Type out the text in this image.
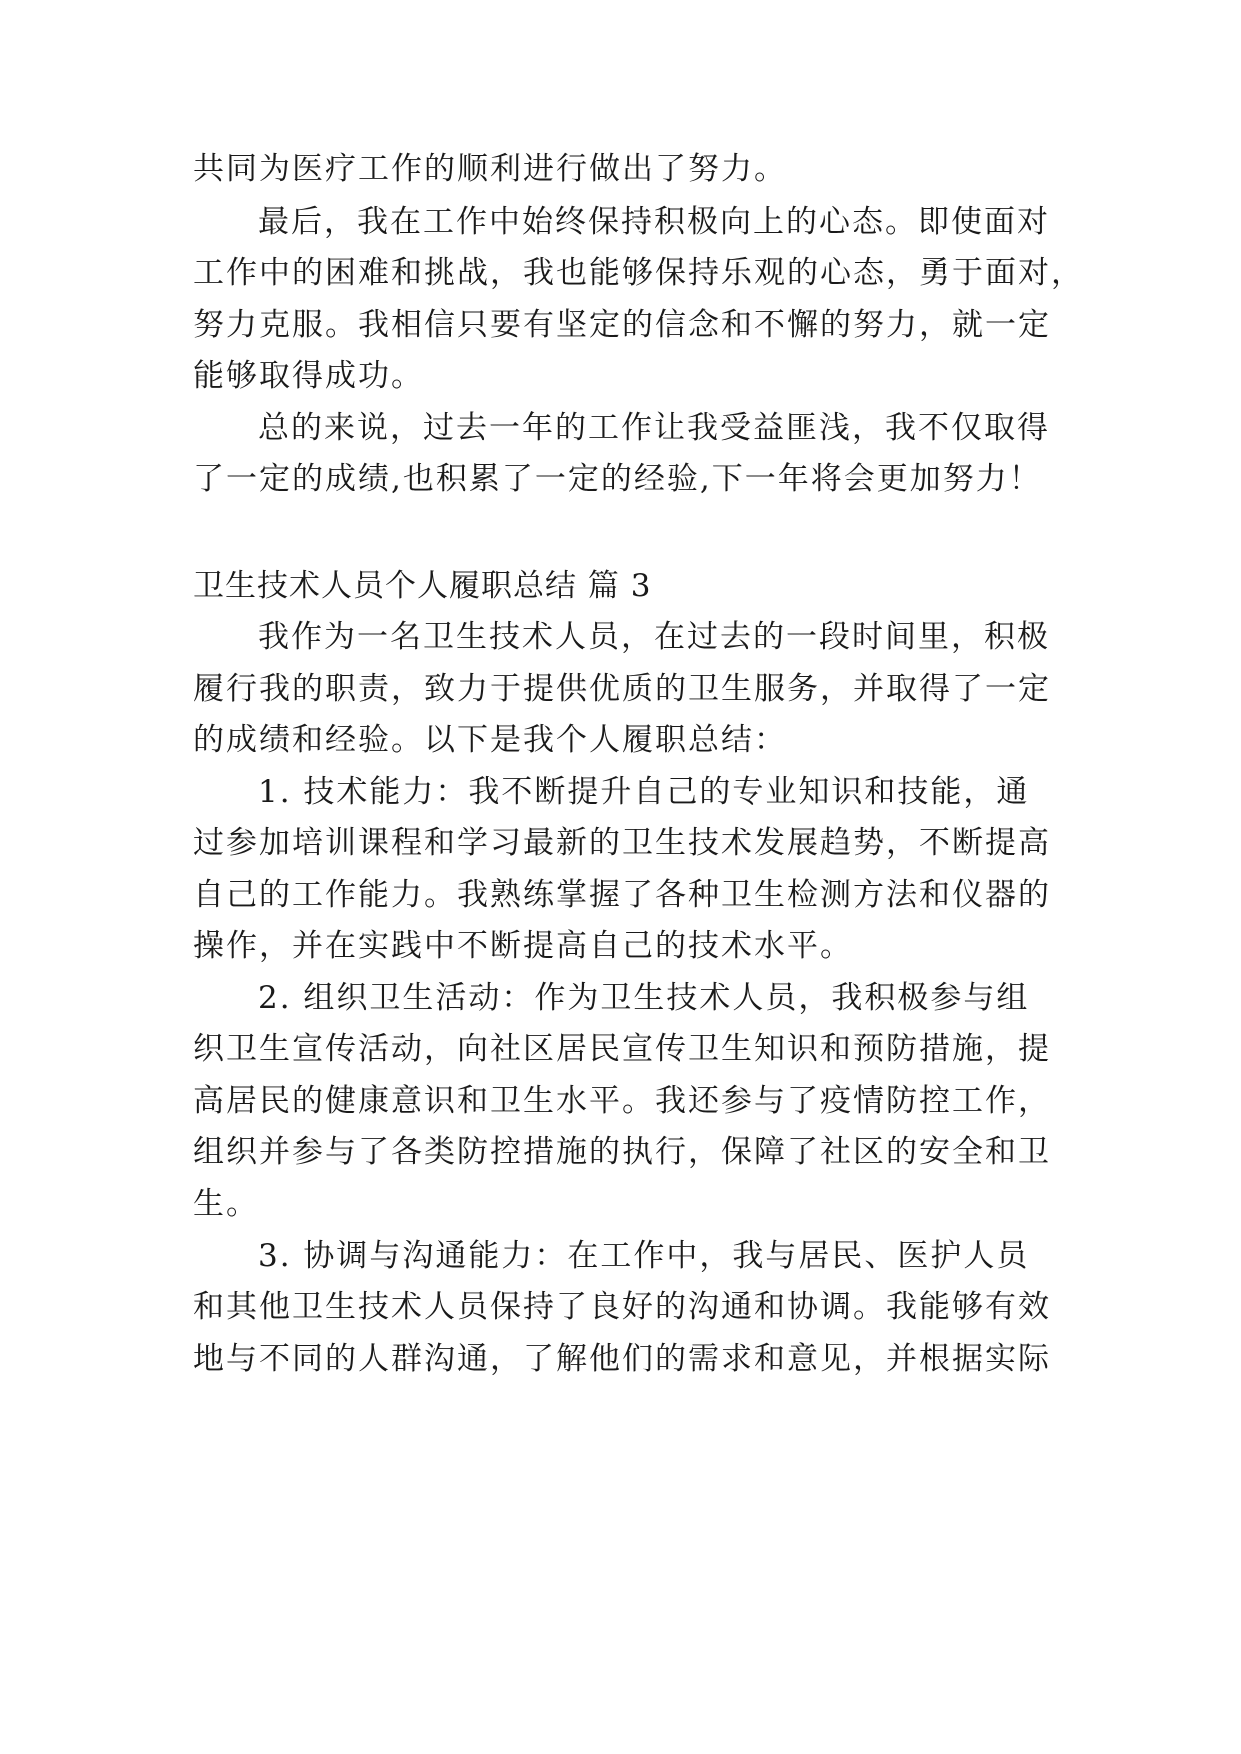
共同为医疗工作的顺利进行做出了努力。
最后，我在工作中始终保持积极向上的心态。即使面对
工作中的困难和挑战，我也能够保持乐观的心态，勇于面对，
努力克服。我相信只要有坚定的信念和不懈的努力，就一定
能够取得成功。
总的来说，过去一年的工作让我受益匪浅，我不仅取得
了一定的成绩,也积累了一定的经验,下一年将会更加努力！
卫生技术人员个人履职总结 篇 3
我作为一名卫生技术人员，在过去的一段时间里，积极
履行我的职责，致力于提供优质的卫生服务，并取得了一定
的成绩和经验。以下是我个人履职总结：
1. 技术能力：我不断提升自己的专业知识和技能，通
过参加培训课程和学习最新的卫生技术发展趋势，不断提高
自己的工作能力。我熟练掌握了各种卫生检测方法和仪器的
操作，并在实践中不断提高自己的技术水平。
2. 组织卫生活动：作为卫生技术人员，我积极参与组
织卫生宣传活动，向社区居民宣传卫生知识和预防措施，提
高居民的健康意识和卫生水平。我还参与了疫情防控工作，
组织并参与了各类防控措施的执行，保障了社区的安全和卫
生。
3. 协调与沟通能力：在工作中，我与居民、医护人员
和其他卫生技术人员保持了良好的沟通和协调。我能够有效
地与不同的人群沟通，了解他们的需求和意见，并根据实际
